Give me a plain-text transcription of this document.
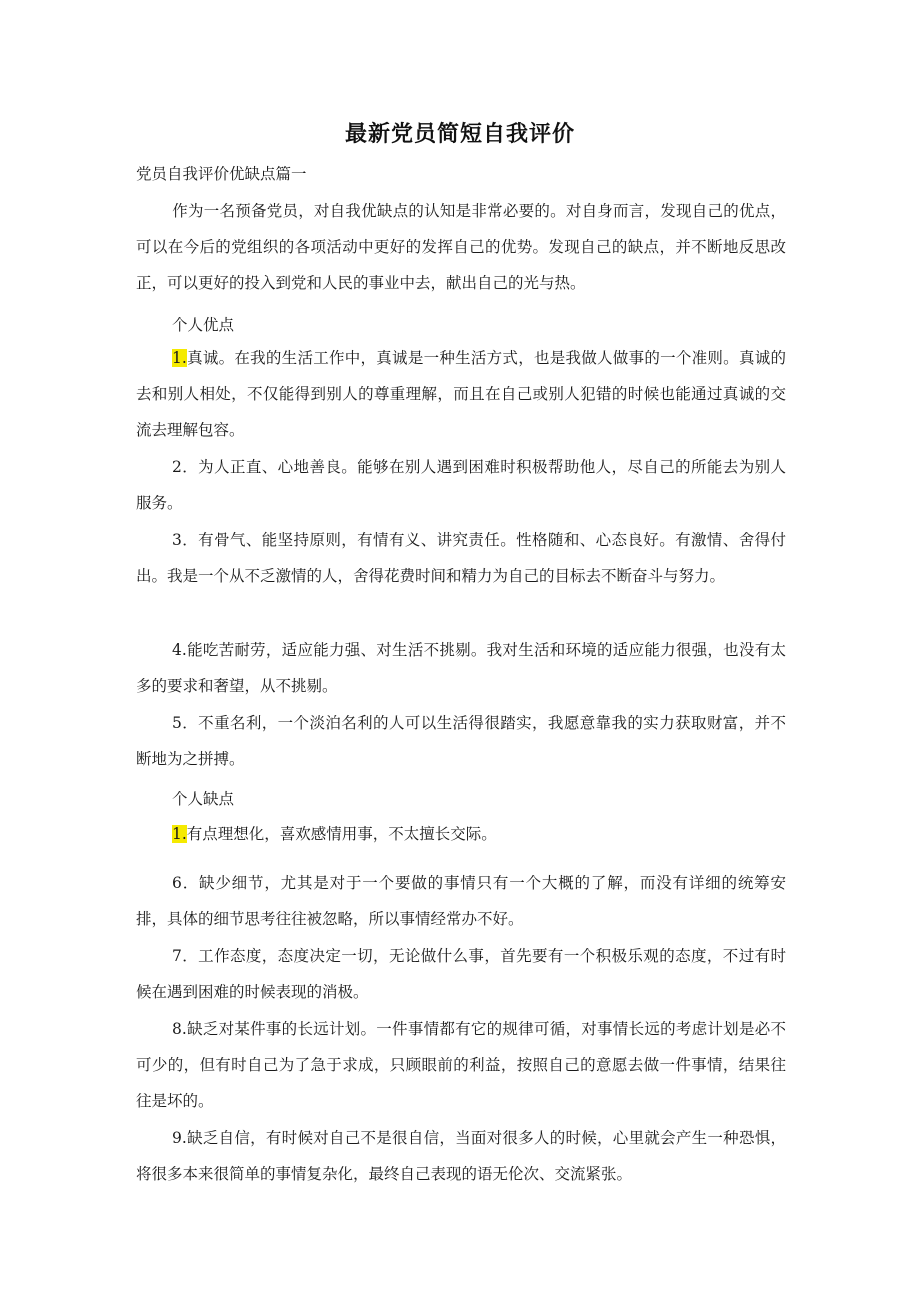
最新党员简短自我评价
党员自我评价优缺点篇一
作为一名预备党员，对自我优缺点的认知是非常必要的。对自身而言，发现自己的优点，可以在今后的党组织的各项活动中更好的发挥自己的优势。发现自己的缺点，并不断地反思改正，可以更好的投入到党和人民的事业中去，献出自己的光与热。
个人优点
1.真诚。在我的生活工作中，真诚是一种生活方式，也是我做人做事的一个准则。真诚的去和别人相处，不仅能得到别人的尊重理解，而且在自己或别人犯错的时候也能通过真诚的交流去理解包容。
2．为人正直、心地善良。能够在别人遇到困难时积极帮助他人，尽自己的所能去为别人服务。
3．有骨气、能坚持原则，有情有义、讲究责任。性格随和、心态良好。有激情、舍得付出。我是一个从不乏激情的人，舍得花费时间和精力为自己的目标去不断奋斗与努力。
4.能吃苦耐劳，适应能力强、对生活不挑剔。我对生活和环境的适应能力很强，也没有太多的要求和奢望，从不挑剔。
5．不重名利，一个淡泊名利的人可以生活得很踏实，我愿意靠我的实力获取财富，并不断地为之拼搏。
个人缺点
1.有点理想化，喜欢感情用事，不太擅长交际。
6．缺少细节，尤其是对于一个要做的事情只有一个大概的了解，而没有详细的统筹安排，具体的细节思考往往被忽略，所以事情经常办不好。
7．工作态度，态度决定一切，无论做什么事，首先要有一个积极乐观的态度，不过有时候在遇到困难的时候表现的消极。
8.缺乏对某件事的长远计划。一件事情都有它的规律可循，对事情长远的考虑计划是必不可少的，但有时自己为了急于求成，只顾眼前的利益，按照自己的意愿去做一件事情，结果往往是坏的。
9.缺乏自信，有时候对自己不是很自信，当面对很多人的时候，心里就会产生一种恐惧，将很多本来很简单的事情复杂化，最终自己表现的语无伦次、交流紧张。
